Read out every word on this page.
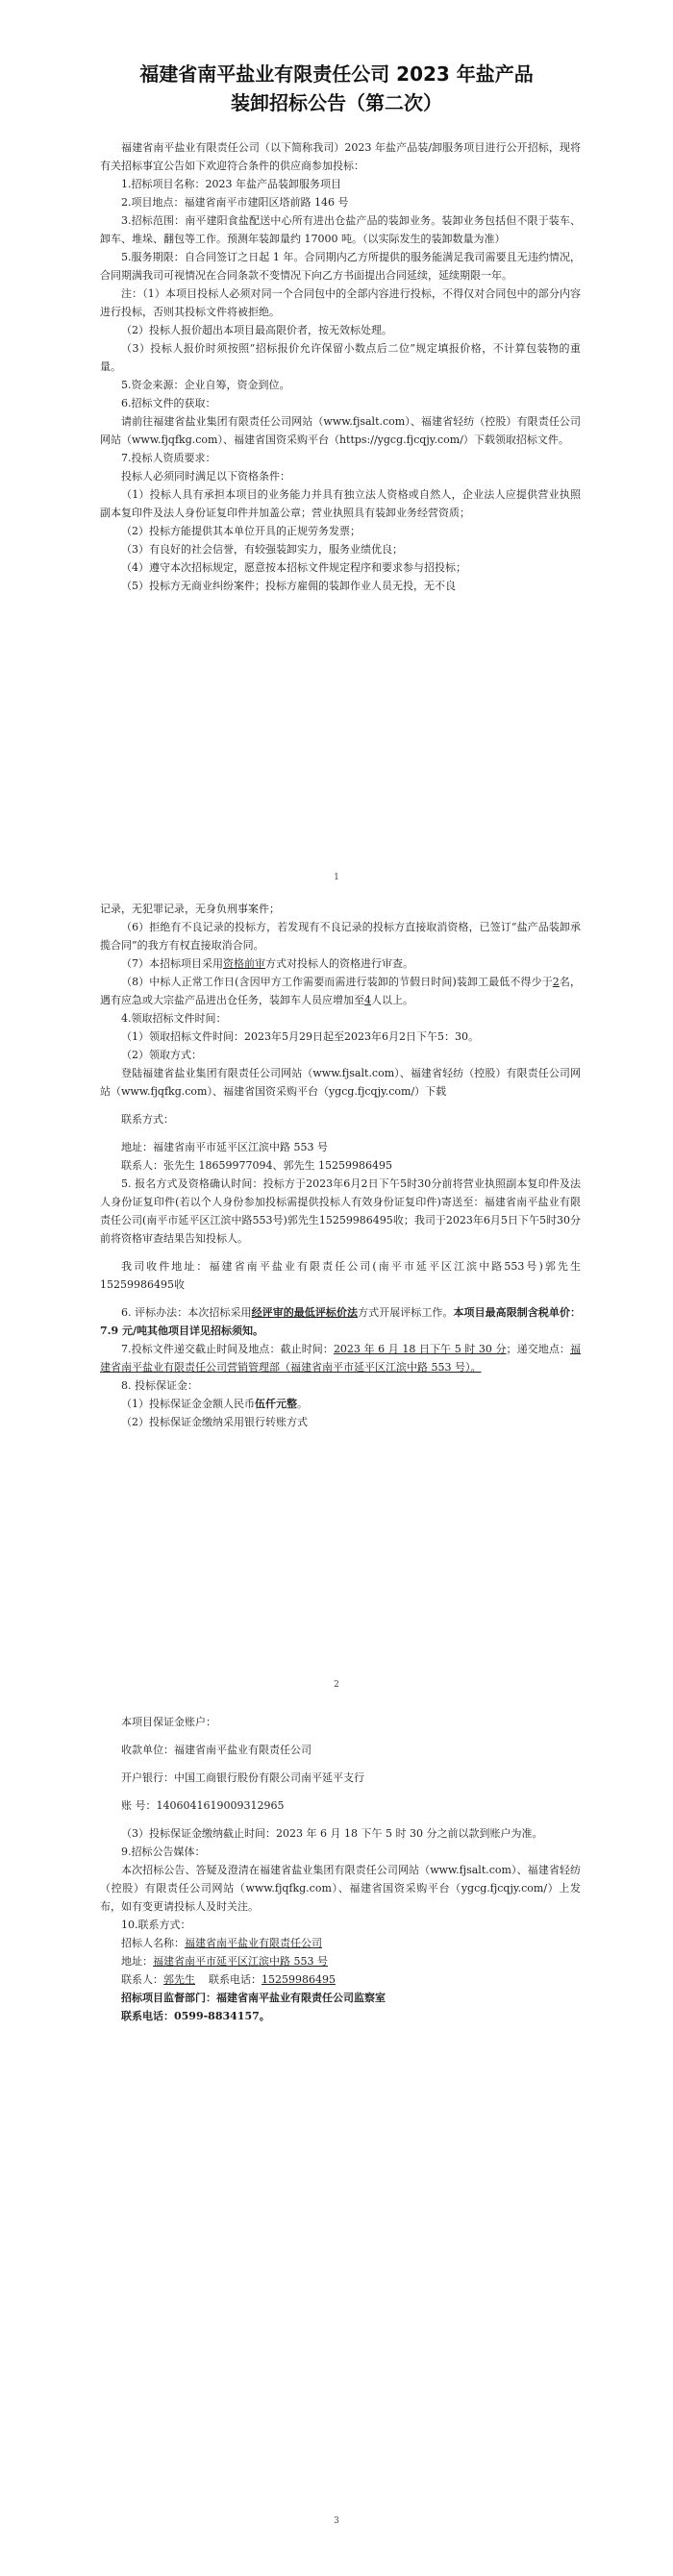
福建省南平盐业有限责任公司 2023 年盐产品
装卸招标公告（第二次）

福建省南平盐业有限责任公司（以下简称我司）2023 年盐产品装/卸服务项目进行公开招标，现将有关招标事宜公告如下欢迎符合条件的供应商参加投标：

1.招标项目名称：2023 年盐产品装卸服务项目

2.项目地点：福建省南平市建阳区塔前路 146 号

3.招标范围：南平建阳食盐配送中心所有进出仓盐产品的装卸业务。装卸业务包括但不限于装车、卸车、堆垛、翻包等工作。预测年装卸量约 17000 吨。（以实际发生的装卸数量为准）

5.服务期限：自合同签订之日起 1 年。合同期内乙方所提供的服务能满足我司需要且无违约情况，合同期满我司可视情况在合同条款不变情况下向乙方书面提出合同延续，延续期限一年。

注：（1）本项目投标人必须对同一个合同包中的全部内容进行投标，不得仅对合同包中的部分内容进行投标，否则其投标文件将被拒绝。

（2）投标人报价超出本项目最高限价者，按无效标处理。

（3）投标人报价时须按照“招标报价允许保留小数点后二位”规定填报价格，不计算包装物的重量。

5.资金来源：企业自筹，资金到位。

6.招标文件的获取：

请前往福建省盐业集团有限责任公司网站（www.fjsalt.com）、福建省轻纺（控股）有限责任公司网站（www.fjqfkg.com）、福建省国资采购平台（https://ygcg.fjcqjy.com/）下载领取招标文件。

7.投标人资质要求：

投标人必须同时满足以下资格条件：

（1）投标人具有承担本项目的业务能力并具有独立法人资格或自然人，企业法人应提供营业执照副本复印件及法人身份证复印件并加盖公章；营业执照具有装卸业务经营资质；

（2）投标方能提供其本单位开具的正规劳务发票；

（3）有良好的社会信誉，有较强装卸实力，服务业绩优良；

（4）遵守本次招标规定，愿意按本招标文件规定程序和要求参与招投标；

（5）投标方无商业纠纷案件；投标方雇佣的装卸作业人员无投，无不良

1

记录，无犯罪记录，无身负刑事案件；

（6）拒绝有不良记录的投标方，若发现有不良记录的投标方直接取消资格，已签订“盐产品装卸承揽合同”的我方有权直接取消合同。

（7）本招标项目采用资格前审方式对投标人的资格进行审查。

（8）中标人正常工作日(含因甲方工作需要而需进行装卸的节假日时间)装卸工最低不得少于2名，遇有应急或大宗盐产品进出仓任务，装卸车人员应增加至4人以上。

4.领取招标文件时间：

（1）领取招标文件时间：2023年5月29日起至2023年6月2日下午5：30。

（2）领取方式：

登陆福建省盐业集团有限责任公司网站（www.fjsalt.com）、福建省轻纺（控股）有限责任公司网站（www.fjqfkg.com）、福建省国资采购平台（ygcg.fjcqjy.com/）下载

联系方式：

地址：福建省南平市延平区江滨中路 553 号

联系人：张先生 18659977094、郭先生 15259986495

5. 报名方式及资格确认时间：投标方于2023年6月2日下午5时30分前将营业执照副本复印件及法人身份证复印件(若以个人身份参加投标需提供投标人有效身份证复印件)寄送至：福建省南平盐业有限责任公司(南平市延平区江滨中路553号)郭先生15259986495收；我司于2023年6月5日下午5时30分前将资格审查结果告知投标人。

我司收件地址：福建省南平盐业有限责任公司(南平市延平区江滨中路553号)郭先生15259986495收

6. 评标办法：本次招标采用经评审的最低评标价法方式开展评标工作。本项目最高限制含税单价：7.9 元/吨其他项目详见招标须知。

7.投标文件递交截止时间及地点：截止时间：2023 年 6 月 18 日下午 5 时 30 分；递交地点：福建省南平盐业有限责任公司营销管理部（福建省南平市延平区江滨中路 553 号）。

8. 投标保证金：

（1）投标保证金金额人民币伍仟元整。

（2）投标保证金缴纳采用银行转账方式

2

本项目保证金账户：

收款单位：福建省南平盐业有限责任公司

开户银行：中国工商银行股份有限公司南平延平支行

账 号：1406041619009312965

（3）投标保证金缴纳截止时间：2023 年 6 月 18 下午 5 时 30 分之前以款到账户为准。

9.招标公告媒体：

本次招标公告、答疑及澄清在福建省盐业集团有限责任公司网站（www.fjsalt.com）、福建省轻纺（控股）有限责任公司网站（www.fjqfkg.com）、福建省国资采购平台（ygcg.fjcqjy.com/）上发布，如有变更请投标人及时关注。

10.联系方式：

招标人名称：福建省南平盐业有限责任公司

地址：福建省南平市延平区江滨中路 553 号

联系人：郭先生 联系电话：15259986495

招标项目监督部门：福建省南平盐业有限责任公司监察室

联系电话：0599-8834157。

3
